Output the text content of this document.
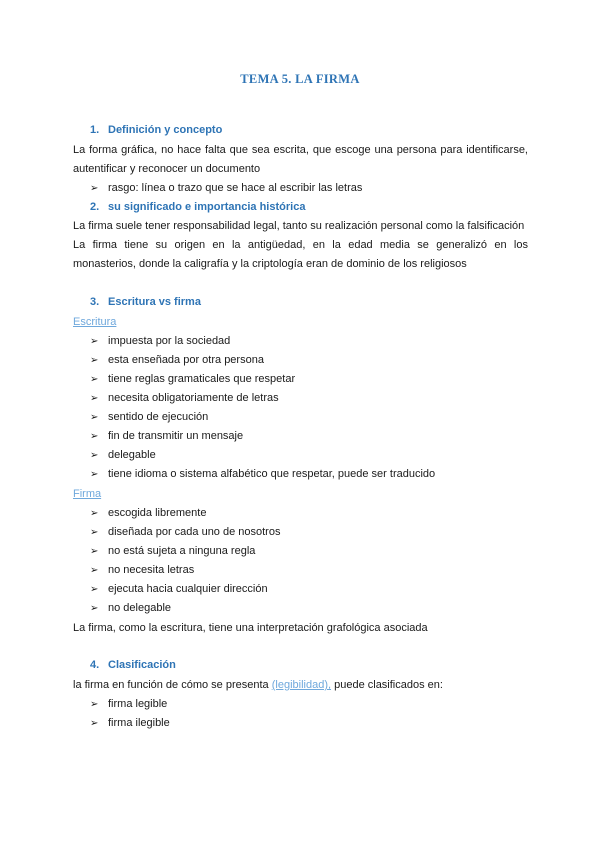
TEMA 5. LA FIRMA
1. Definición y concepto
La forma gráfica, no hace falta que sea escrita, que escoge una persona para identificarse, autentificar y reconocer un documento
➢ rasgo: línea o trazo que se hace al escribir las letras
2. su significado e importancia histórica
La firma suele tener responsabilidad legal, tanto su realización personal como la falsificación
La firma tiene su origen en la antigüedad, en la edad media se generalizó en los monasterios, donde la caligrafía y la criptología eran de dominio de los religiosos
3. Escritura vs firma
Escritura
➢ impuesta por la sociedad
➢ esta enseñada por otra persona
➢ tiene reglas gramaticales que respetar
➢ necesita obligatoriamente de letras
➢ sentido de ejecución
➢ fin de transmitir un mensaje
➢ delegable
➢ tiene idioma o sistema alfabético que respetar, puede ser traducido
Firma
➢ escogida libremente
➢ diseñada por cada uno de nosotros
➢ no está sujeta a ninguna regla
➢ no necesita letras
➢ ejecuta hacia cualquier dirección
➢ no delegable
La firma, como la escritura, tiene una interpretación grafológica asociada
4. Clasificación
la firma en función de cómo se presenta (legibilidad), puede clasificados en:
➢ firma legible
➢ firma ilegible
